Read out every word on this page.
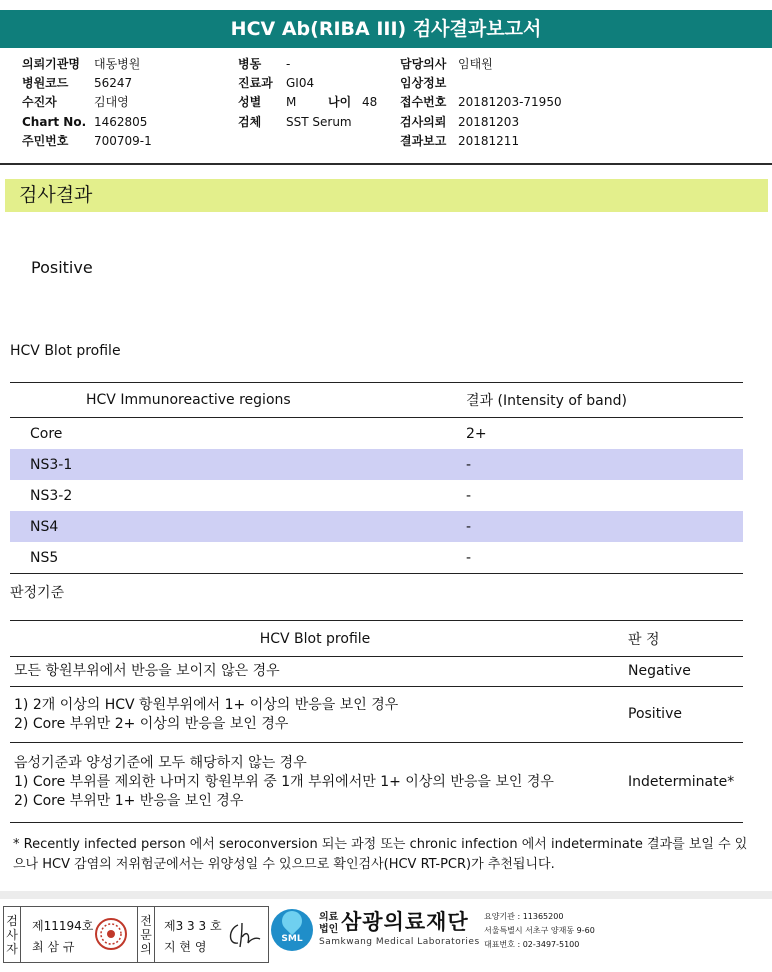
HCV Ab(RIBA III) 검사결과보고서
의뢰기관명 대동병원
병원코드 56247
수진자	김대영
Chart No. 1462805
주민번호 700709-1
병동 -
진료과 GI04
성별 M	나이 48
검체 SST Serum
담당의사 임태원
임상정보
접수번호 20181203-71950
검사의뢰 20181203
결과보고 20181211
검사결과
Positive
HCV Blot profile
HCV Immunoreactive regions	결과 (Intensity of band)
Core	2+
NS3-1	-
NS3-2	-
NS4	-
NS5	-
판정기준
HCV Blot profile	판 정

모든 항원부위에서 반응을 보이지 않은 경우	Negative

1) 2개 이상의 HCV 항원부위에서 1+ 이상의 반응을 보인 경우
2) Core 부위만 2+ 이상의 반응을 보인 경우	Positive

음성기준과 양성기준에 모두 해당하지 않는 경우
1) Core 부위를 제외한 나머지 항원부위 중 1개 부위에서만 1+ 이상의 반응을 보인 경우
2) Core 부위만 1+ 반응을 보인 경우	Indeterminate*
* Recently infected person 에서 seroconversion 되는 과정 또는 chronic infection 에서 indeterminate 결과를 보일 수 있으나 HCV 감염의 저위험군에서는 위양성일 수 있으므로 확인검사(HCV RT-PCR)가 추천됩니다.
검사자
제11194호
최 삼 규
전문의
제3 3 3 호
지 현 영
SML
의료
법인 삼광의료재단
Samkwang Medical Laboratories
요양기관 : 11365200
서울특별시 서초구 양재동 9-60
대표번호 : 02-3497-5100
